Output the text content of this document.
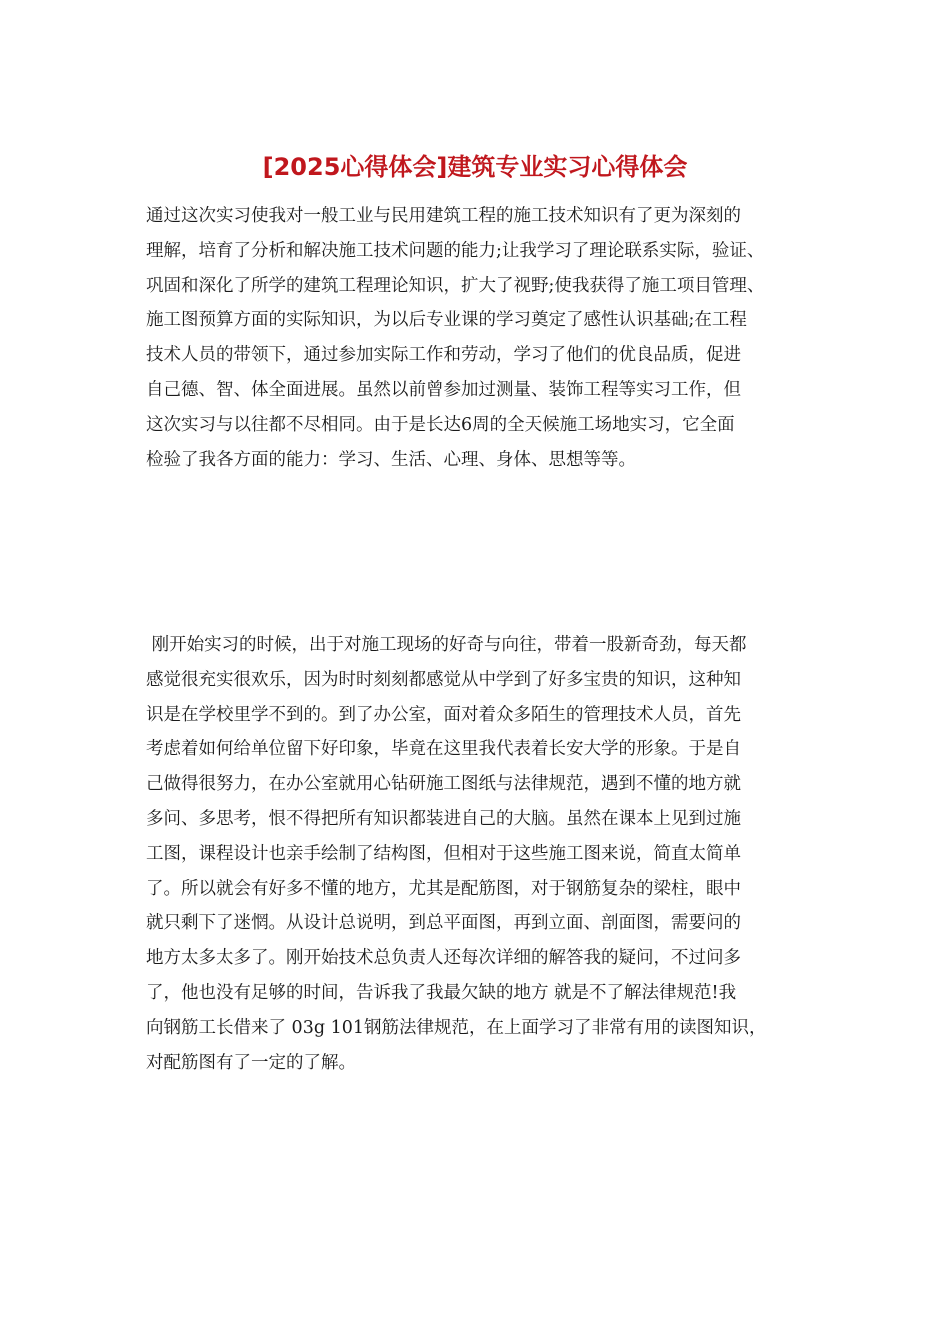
[2025心得体会]建筑专业实习心得体会
通过这次实习使我对一般工业与民用建筑工程的施工技术知识有了更为深刻的
理解，培育了分析和解决施工技术问题的能力;让我学习了理论联系实际，验证、
巩固和深化了所学的建筑工程理论知识，扩大了视野;使我获得了施工项目管理、
施工图预算方面的实际知识，为以后专业课的学习奠定了感性认识基础;在工程
技术人员的带领下，通过参加实际工作和劳动，学习了他们的优良品质，促进
自己德、智、体全面进展。虽然以前曾参加过测量、装饰工程等实习工作，但
这次实习与以往都不尽相同。由于是长达6周的全天候施工场地实习，它全面
检验了我各方面的能力：学习、生活、心理、身体、思想等等。
刚开始实习的时候，出于对施工现场的好奇与向往，带着一股新奇劲，每天都
感觉很充实很欢乐，因为时时刻刻都感觉从中学到了好多宝贵的知识，这种知
识是在学校里学不到的。到了办公室，面对着众多陌生的管理技术人员，首先
考虑着如何给单位留下好印象，毕竟在这里我代表着长安大学的形象。于是自
己做得很努力，在办公室就用心钻研施工图纸与法律规范，遇到不懂的地方就
多问、多思考，恨不得把所有知识都装进自己的大脑。虽然在课本上见到过施
工图，课程设计也亲手绘制了结构图，但相对于这些施工图来说，简直太简单
了。所以就会有好多不懂的地方，尤其是配筋图，对于钢筋复杂的梁柱，眼中
就只剩下了迷惘。从设计总说明，到总平面图，再到立面、剖面图，需要问的
地方太多太多了。刚开始技术总负责人还每次详细的解答我的疑问，不过问多
了，他也没有足够的时间，告诉我了我最欠缺的地方 就是不了解法律规范!我
向钢筋工长借来了 03g 101钢筋法律规范，在上面学习了非常有用的读图知识，
对配筋图有了一定的了解。
